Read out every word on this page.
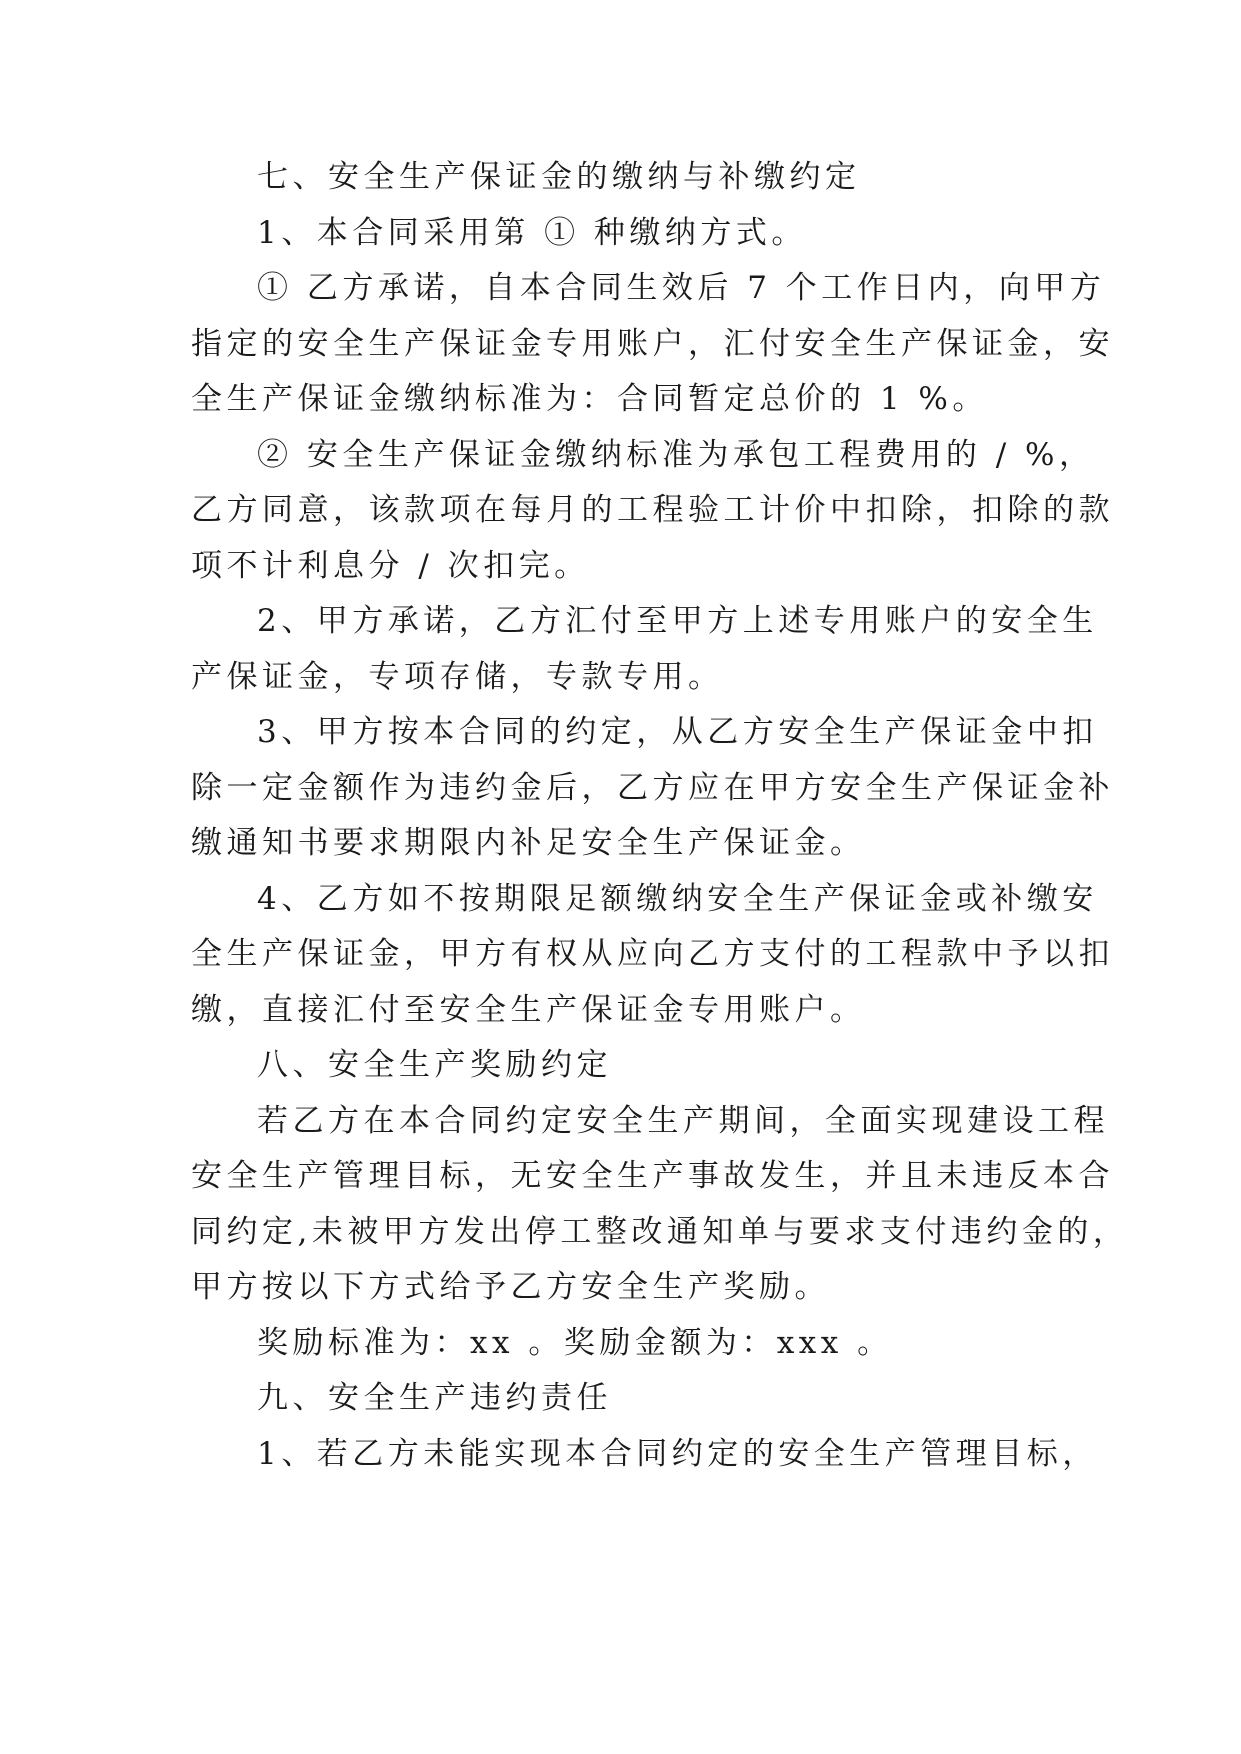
七、安全生产保证金的缴纳与补缴约定

1、本合同采用第 ① 种缴纳方式。

① 乙方承诺，自本合同生效后 7 个工作日内，向甲方

指定的安全生产保证金专用账户，汇付安全生产保证金，安

全生产保证金缴纳标准为：合同暂定总价的 1 %。

② 安全生产保证金缴纳标准为承包工程费用的 / %，

乙方同意，该款项在每月的工程验工计价中扣除，扣除的款

项不计利息分 / 次扣完。

2、甲方承诺，乙方汇付至甲方上述专用账户的安全生

产保证金，专项存储，专款专用。

3、甲方按本合同的约定，从乙方安全生产保证金中扣

除一定金额作为违约金后，乙方应在甲方安全生产保证金补

缴通知书要求期限内补足安全生产保证金。

4、乙方如不按期限足额缴纳安全生产保证金或补缴安

全生产保证金，甲方有权从应向乙方支付的工程款中予以扣

缴，直接汇付至安全生产保证金专用账户。

八、安全生产奖励约定

若乙方在本合同约定安全生产期间，全面实现建设工程

安全生产管理目标，无安全生产事故发生，并且未违反本合

同约定,未被甲方发出停工整改通知单与要求支付违约金的，

甲方按以下方式给予乙方安全生产奖励。

奖励标准为：xx 。奖励金额为：xxx 。

九、安全生产违约责任

1、若乙方未能实现本合同约定的安全生产管理目标，
